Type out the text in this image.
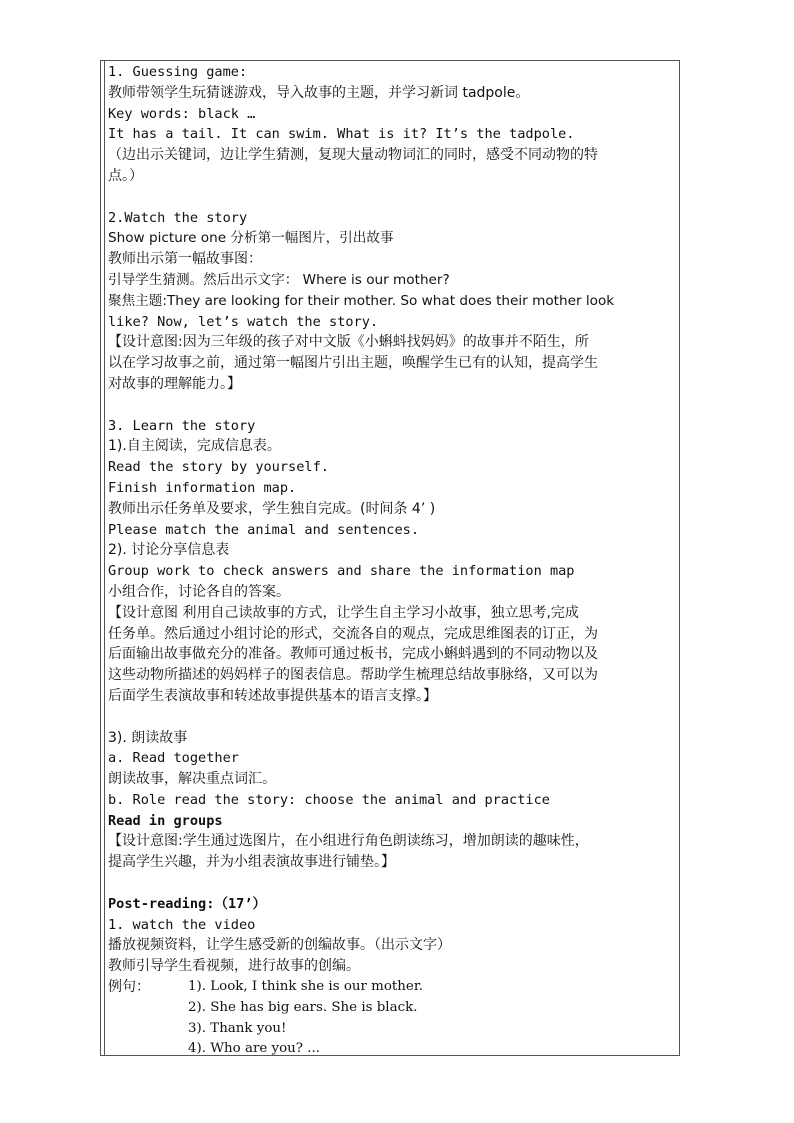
1. Guessing game:
教师带领学生玩猜谜游戏，导入故事的主题，并学习新词 tadpole。
Key words: black …
It has a tail. It can swim. What is it? It’s the tadpole.
（边出示关键词，边让学生猜测，复现大量动物词汇的同时，感受不同动物的特
点。）
2.Watch the story
Show picture one 分析第一幅图片，引出故事
教师出示第一幅故事图：
引导学生猜测。然后出示文字： Where is our mother?
聚焦主题:They are looking for their mother. So what does their mother look
like? Now, let’s watch the story.
【设计意图:因为三年级的孩子对中文版《小蝌蚪找妈妈》的故事并不陌生，所
以在学习故事之前，通过第一幅图片引出主题，唤醒学生已有的认知，提高学生
对故事的理解能力。】
3. Learn the story
1).自主阅读，完成信息表。
Read the story by yourself.
Finish information map.
教师出示任务单及要求，学生独自完成。(时间条 4’ )
Please match the animal and sentences.
2). 讨论分享信息表
Group work to check answers and share the information map
小组合作，讨论各自的答案。
【设计意图 利用自己读故事的方式，让学生自主学习小故事，独立思考,完成
任务单。然后通过小组讨论的形式，交流各自的观点，完成思维图表的订正，为
后面输出故事做充分的准备。教师可通过板书，完成小蝌蚪遇到的不同动物以及
这些动物所描述的妈妈样子的图表信息。帮助学生梳理总结故事脉络，又可以为
后面学生表演故事和转述故事提供基本的语言支撑。】
3). 朗读故事
a. Read together
朗读故事，解决重点词汇。
b. Role read the story: choose the animal and practice
Read in groups
【设计意图:学生通过选图片，在小组进行角色朗读练习，增加朗读的趣味性，
提高学生兴趣，并为小组表演故事进行铺垫。】
Post-reading:（17’）
1. watch the video
播放视频资料，让学生感受新的创编故事。（出示文字）
教师引导学生看视频，进行故事的创编。
例句：	1). Look, I think she is our mother.
2). She has big ears. She is black.
3). Thank you!
4). Who are you? ...
